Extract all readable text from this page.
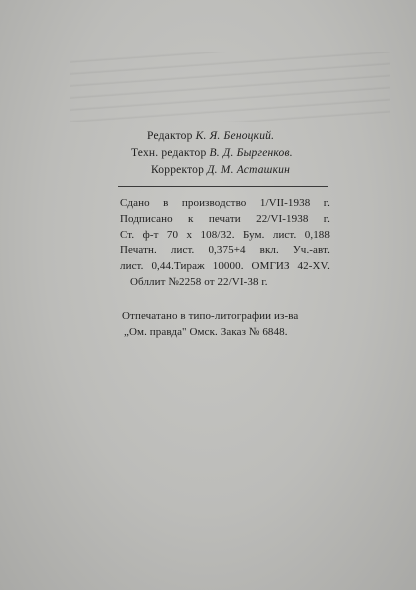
Редактор К. Я. Беноцкий.
Техн. редактор В. Д. Быргенков.
Корректор Д. М. Асташкин
Сдано в производство 1/VII-1938 г.
Подписано к печати 22/VI-1938 г.
Ст. ф-т 70 х 108/32. Бум. лист. 0,188
Печатн. лист. 0,375+4 вкл. Уч.-авт.
лист. 0,44.Тираж 10000. ОМГИЗ 42-XV.
Обллит №2258 от 22/VI-38 г.
Отпечатано в типо-литографии из-ва
„Ом. правда" Омск. Заказ № 6848.
